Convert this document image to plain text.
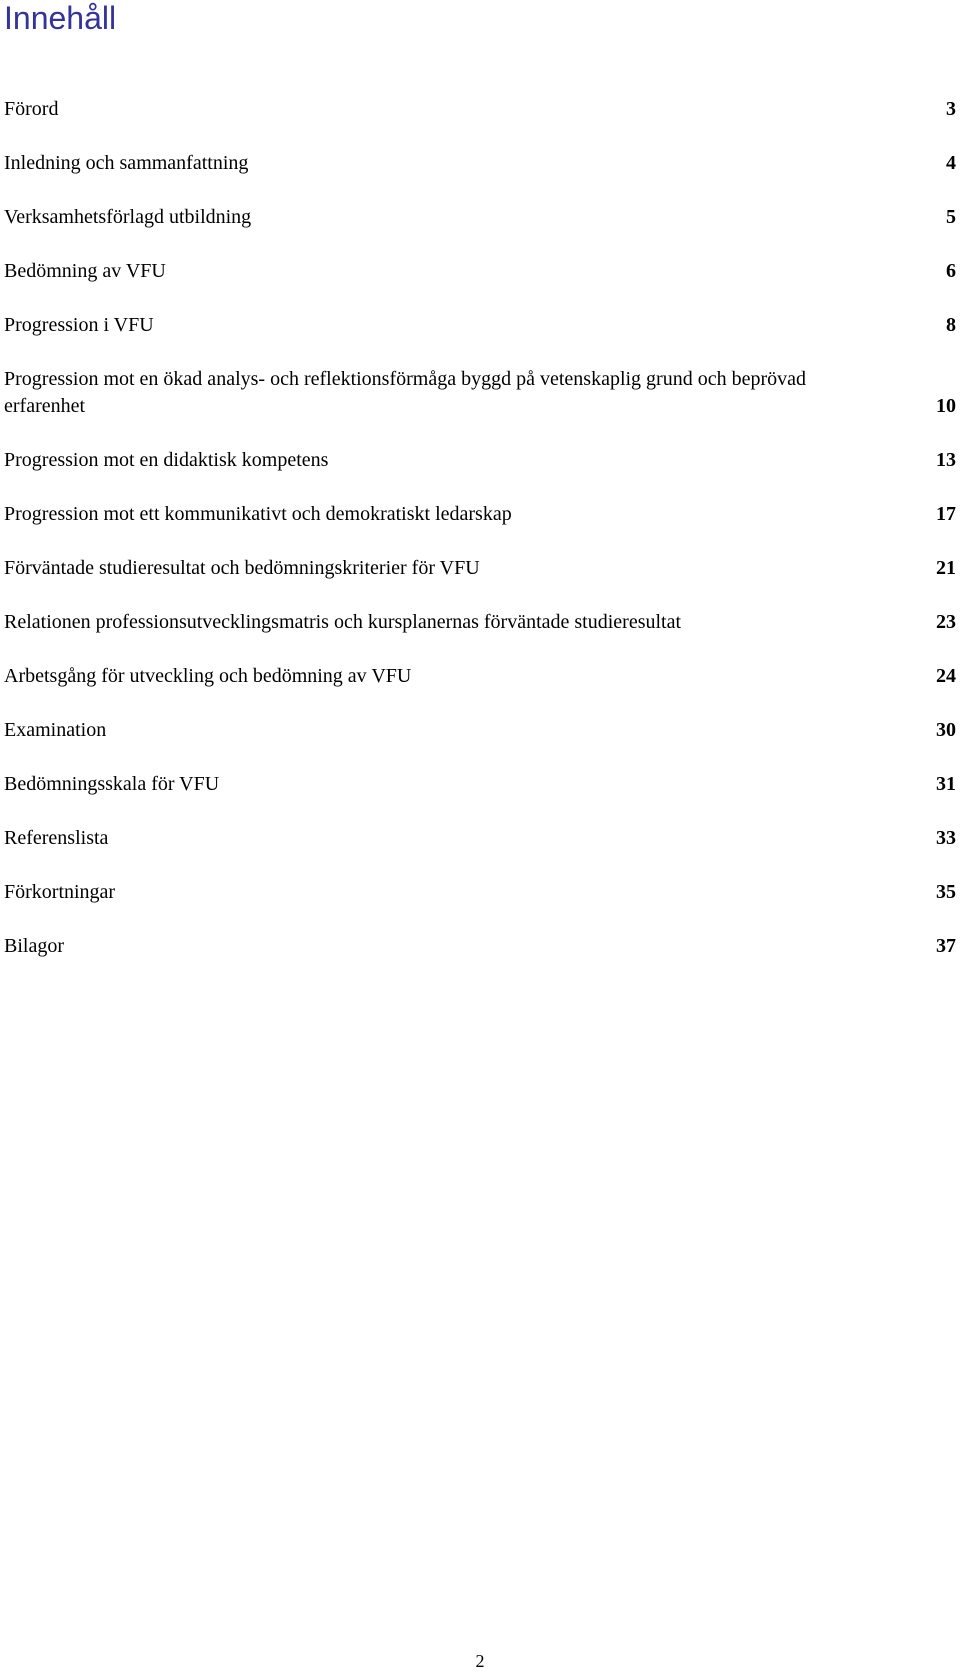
Innehåll
Förord	3
Inledning och sammanfattning	4
Verksamhetsförlagd utbildning	5
Bedömning av VFU	6
Progression i VFU	8
Progression mot en ökad analys- och reflektionsförmåga byggd på vetenskaplig grund och beprövad erfarenhet	10
Progression mot en didaktisk kompetens	13
Progression mot ett kommunikativt och demokratiskt ledarskap	17
Förväntade studieresultat och bedömningskriterier för VFU	21
Relationen professionsutvecklingsmatris och kursplanernas förväntade studieresultat	23
Arbetsgång för utveckling och bedömning av VFU	24
Examination	30
Bedömningsskala för VFU	31
Referenslista	33
Förkortningar	35
Bilagor	37
2
